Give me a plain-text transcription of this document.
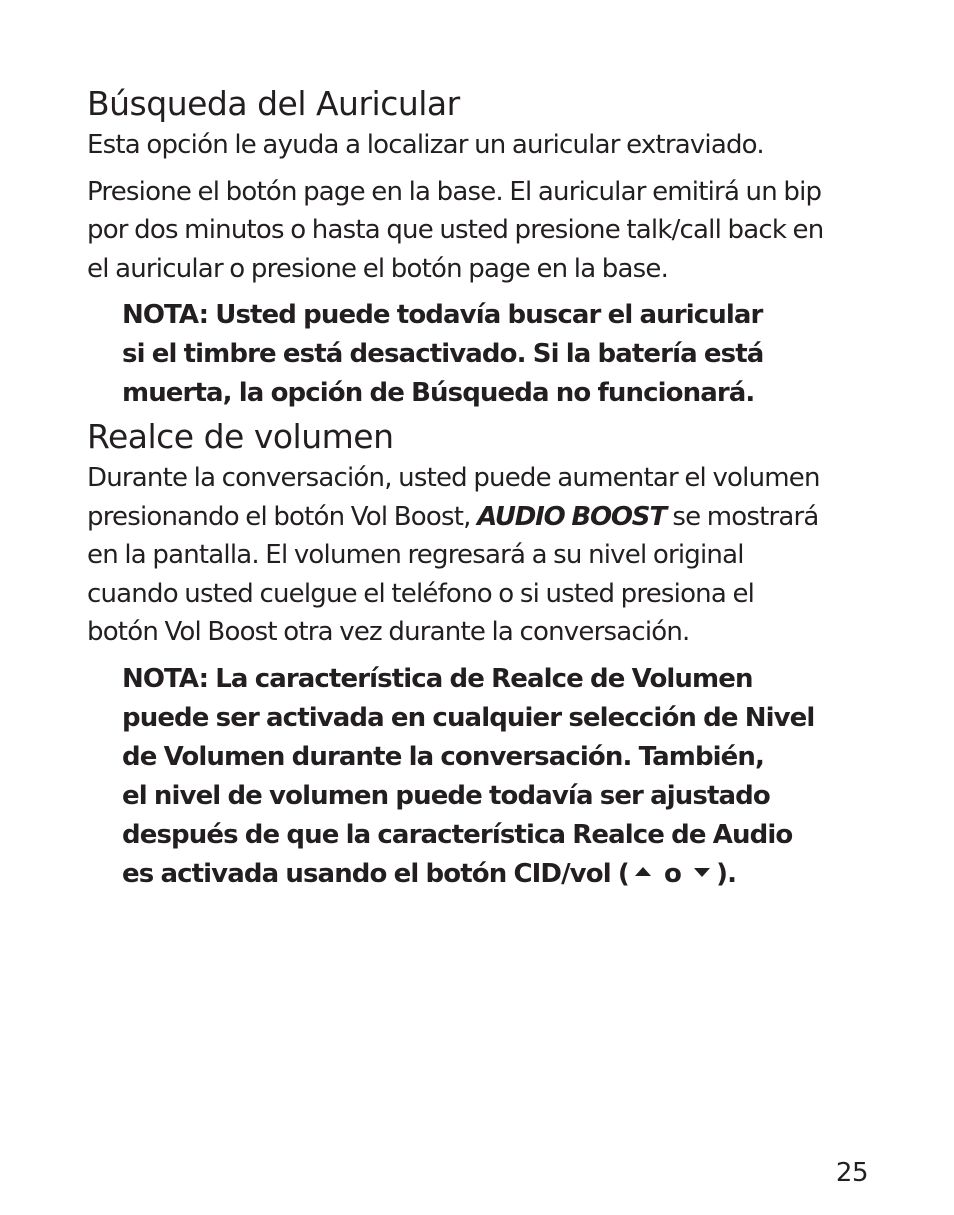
Búsqueda del Auricular

Esta opción le ayuda a localizar un auricular extraviado.

Presione el botón page en la base. El auricular emitirá un bip
por dos minutos o hasta que usted presione talk/call back en
el auricular o presione el botón page en la base.

NOTA: Usted puede todavía buscar el auricular
si el timbre está desactivado. Si la batería está
muerta, la opción de Búsqueda no funcionará.
Realce de volumen

Durante la conversación, usted puede aumentar el volumen
presionando el botón Vol Boost, AUDIO BOOST se mostrará
en la pantalla. El volumen regresará a su nivel original
cuando usted cuelgue el teléfono o si usted presiona el
botón Vol Boost otra vez durante la conversación.

NOTA: La característica de Realce de Volumen
puede ser activada en cualquier selección de Nivel
de Volumen durante la conversación. También,
el nivel de volumen puede todavía ser ajustado
después de que la característica Realce de Audio
es activada usando el botón CID/vol ( o ).
25
